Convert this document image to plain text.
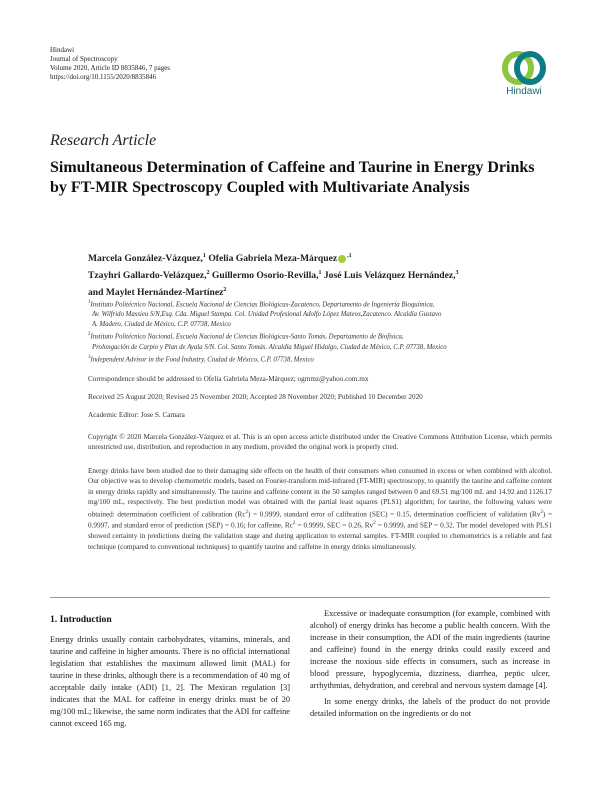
Hindawi
Journal of Spectroscopy
Volume 2020, Article ID 8835846, 7 pages
https://doi.org/10.1155/2020/8835846
Hindawi
Research Article
Simultaneous Determination of Caffeine and Taurine in Energy Drinks by FT-MIR Spectroscopy Coupled with Multivariate Analysis
Marcela González-Vázquez,$^1$ Ofelia Gabriela Meza-Márquez $^{,1}$
Tzayhri Gallardo-Velázquez,$^2$ Guillermo Osorio-Revilla,$^1$ José Luis Velázquez Hernández,$^3$
and Maylet Hernández-Martínez$^2$
$^1$Instituto Politécnico Nacional, Escuela Nacional de Ciencias Biológicas-Zacatenco, Departamento de Ingeniería Bioquímica,
Av. Wilfrido Massieu S/N,Esq. Cda. Miguel Stampa. Col. Unidad Profesional Adolfo López Mateos,Zacatenco. Alcaldía Gustavo
A. Madero, Ciudad de México, C.P. 07738, Mexico
$^2$Instituto Politécnico Nacional, Escuela Nacional de Ciencias Biológicas-Santo Tomás, Departamento de Biofísica,
Prolongación de Carpio y Plan de Ayala S/N. Col. Santo Tomás. Alcaldía Miguel Hidalgo, Ciudad de México, C.P. 07738, Mexico
$^3$Independent Advisor in the Food Industry, Ciudad de México, C.P. 07738, Mexico
Correspondence should be addressed to Ofelia Gabriela Meza-Márquez; ogmmz@yahoo.com.mx
Received 25 August 2020; Revised 25 November 2020; Accepted 28 November 2020; Published 10 December 2020
Academic Editor: Jose S. Camara
Copyright © 2020 Marcela González-Vázquez et al. This is an open access article distributed under the Creative Commons Attribution License, which permits unrestricted use, distribution, and reproduction in any medium, provided the original work is properly cited.
Energy drinks have been studied due to their damaging side effects on the health of their consumers when consumed in excess or when combined with alcohol. Our objective was to develop chemometric models, based on Fourier-transform mid-infrared (FT-MIR) spectroscopy, to quantify the taurine and caffeine content in energy drinks rapidly and simultaneously. The taurine and caffeine content in the 50 samples ranged between 0 and 69.51 mg/100 mL and 14.92 and 1126.17 mg/100 mL, respectively. The best prediction model was obtained with the partial least squares (PLS1) algorithm; for taurine, the following values were obtained: determination coefficient of calibration $(Rc^2) = 0.9999$, standard error of calibration (SEC) = 0.15, determination coefficient of validation $(Rv^2) = 0.9997$, and standard error of prediction (SEP) = 0.16; for caffeine, $Rc^2 = 0.9999$, SEC = 0.26, $Rv^2 = 0.9999$, and SEP = 0.32. The model developed with PLS1 showed certainty in predictions during the validation stage and during application to external samples. FT-MIR coupled to chemometrics is a reliable and fast technique (compared to conventional techniques) to quantify taurine and caffeine in energy drinks simultaneously.
1. Introduction

Energy drinks usually contain carbohydrates, vitamins, minerals, and taurine and caffeine in higher amounts. There is no official international legislation that establishes the maximum allowed limit (MAL) for taurine in these drinks, although there is a recommendation of 40 mg of acceptable daily intake (ADI) [1, 2]. The Mexican regulation [3] indicates that the MAL for caffeine in energy drinks must be of 20 mg/100 mL; likewise, the same norm indicates that the ADI for caffeine cannot exceed 165 mg.

Excessive or inadequate consumption (for example, combined with alcohol) of energy drinks has become a public health concern. With the increase in their consumption, the ADI of the main ingredients (taurine and caffeine) found in the energy drinks could easily exceed and increase the noxious side effects in consumers, such as increase in blood pressure, hypoglycemia, dizziness, diarrhea, peptic ulcer, arrhythmias, dehydration, and cerebral and nervous system damage [4].

In some energy drinks, the labels of the product do not provide detailed information on the ingredients or do not
